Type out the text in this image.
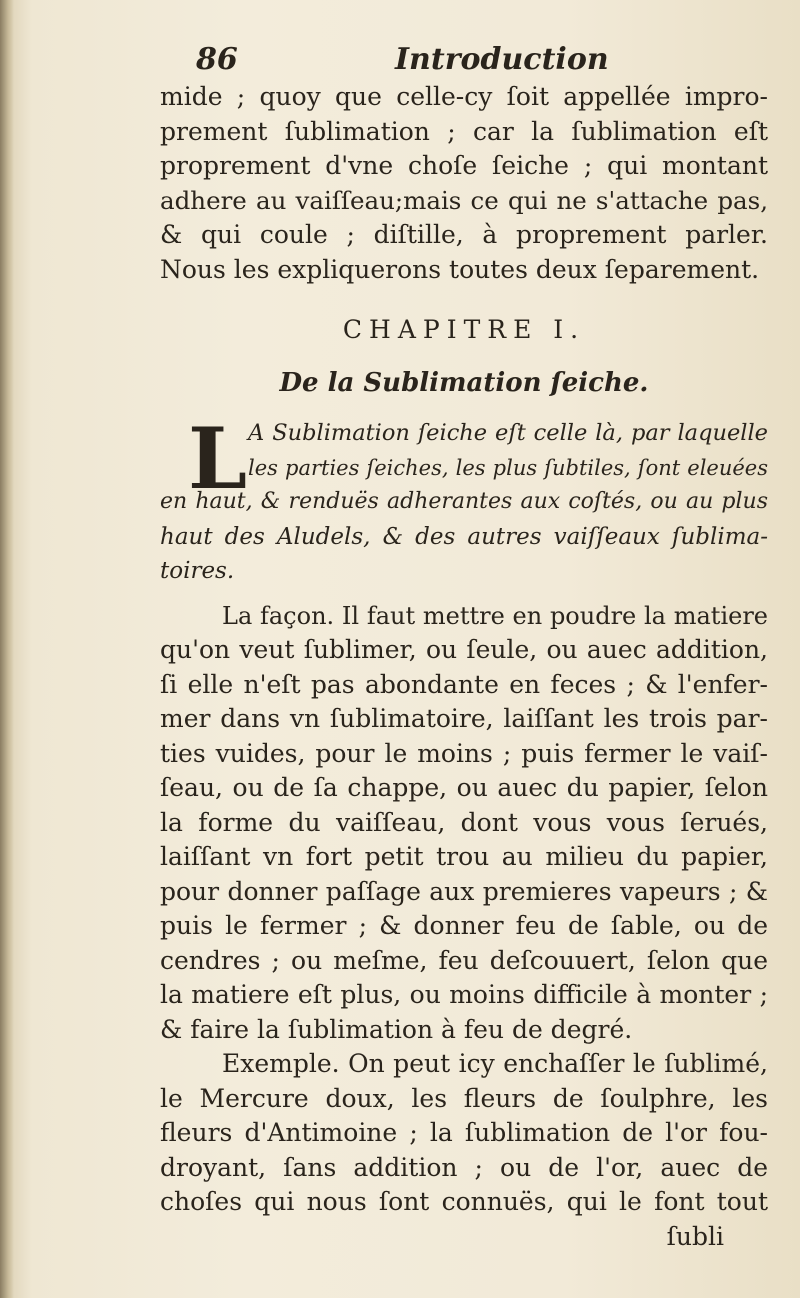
86	Introduction
mide ; quoy que celle-cy ſoit appellée impro-
prement ſublimation ; car la ſublimation eſt
proprement d'vne choſe ſeiche ; qui montant
adhere au vaiſſeau;mais ce qui ne s'attache pas,
& qui coule ; diſtille, à proprement parler.
Nous les expliquerons toutes deux ſeparement.
CHAPITRE I.
De la Sublimation ſeiche.
L A Sublimation ſeiche eſt celle là, par laquelle
les parties ſeiches, les plus ſubtiles, ſont eleuées
en haut, & renduës adherantes aux coſtés, ou au plus
haut des Aludels, & des autres vaiſſeaux ſublima-
toires.
La façon. Il faut mettre en poudre la matiere
qu'on veut ſublimer, ou ſeule, ou auec addition,
ſi elle n'eſt pas abondante en feces ; & l'enfer-
mer dans vn ſublimatoire, laiſſant les trois par-
ties vuides, pour le moins ; puis fermer le vaiſ-
ſeau, ou de ſa chappe, ou auec du papier, ſelon
la forme du vaiſſeau, dont vous vous ſerués,
laiſſant vn fort petit trou au milieu du papier,
pour donner paſſage aux premieres vapeurs ; &
puis le fermer ; & donner feu de ſable, ou de
cendres ; ou meſme, feu deſcouuert, ſelon que
la matiere eſt plus, ou moins difficile à monter ;
& faire la ſublimation à feu de degré.
Exemple. On peut icy enchaſſer le ſublimé,
le Mercure doux, les fleurs de ſoulphre, les
fleurs d'Antimoine ; la ſublimation de l'or fou-
droyant, ſans addition ; ou de l'or, auec de
choſes qui nous ſont connuës, qui le font tout
ſubli
